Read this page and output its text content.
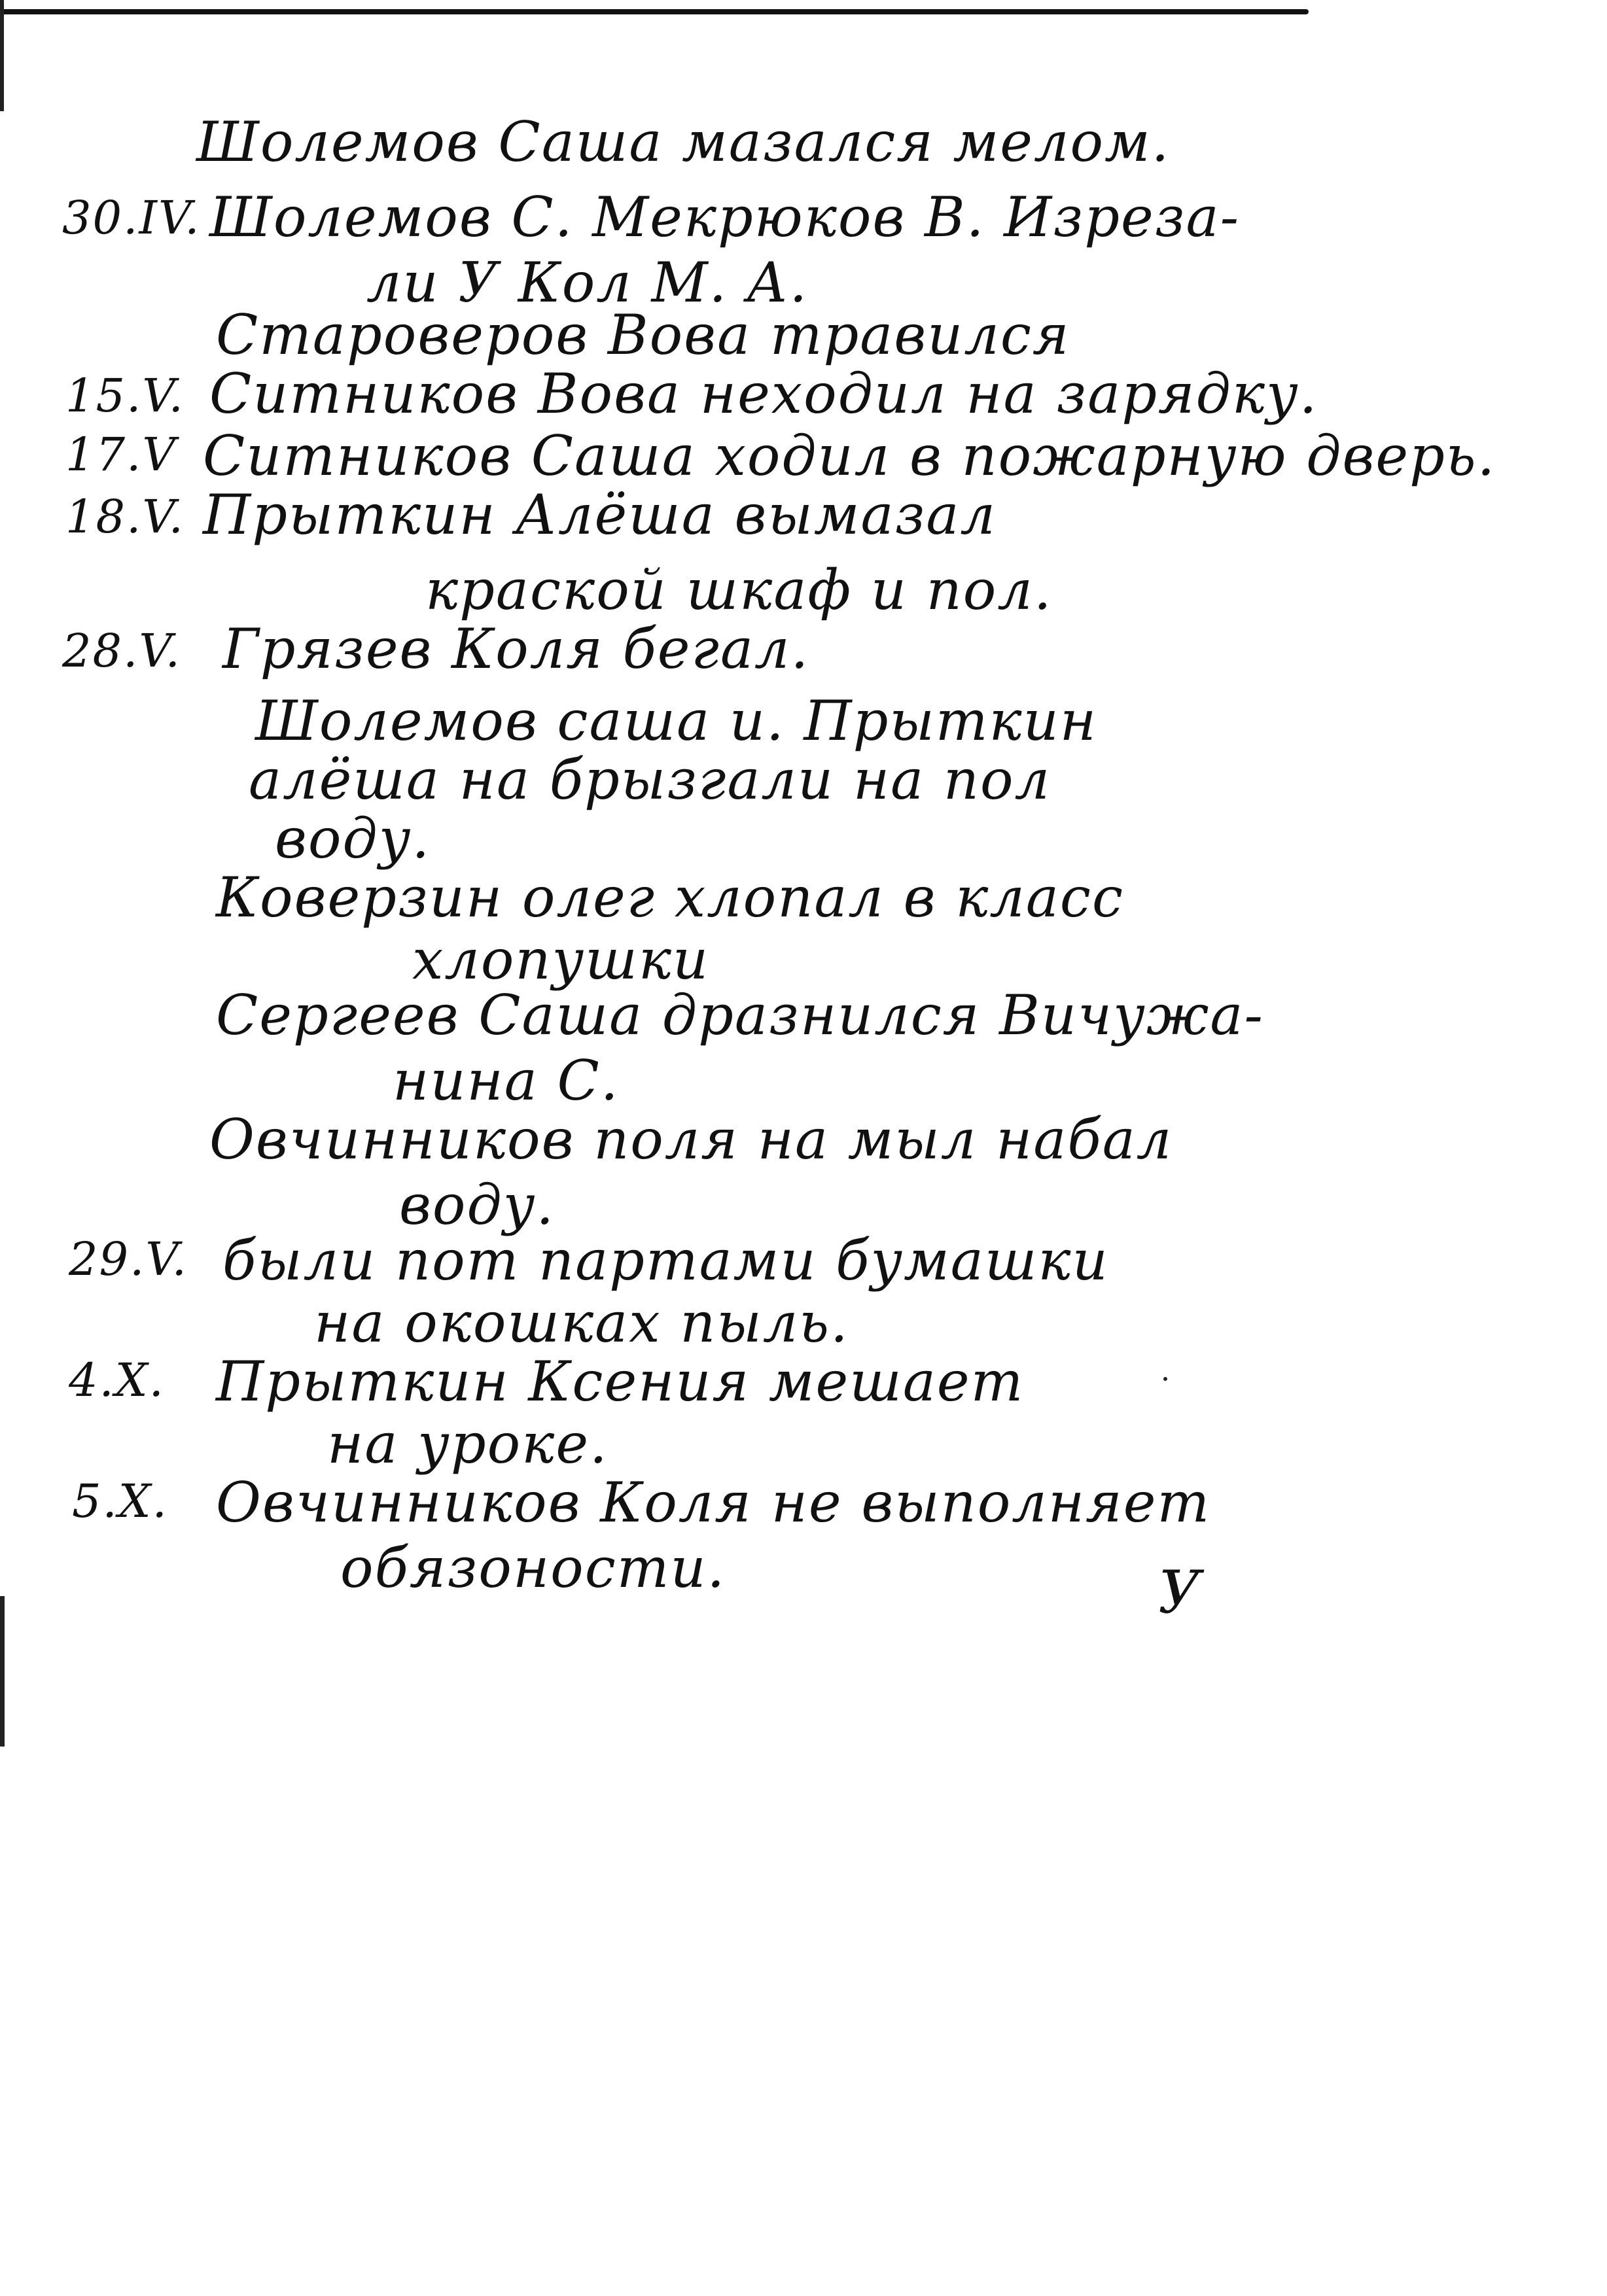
Шолемов Саша мазался мелом.
30.IV. Шолемов С. Мекрюков В. Изреза-
ли У Кол М. А.
Староверов Вова травился
15.V. Ситников Вова неходил на зарядку.
17.V Ситников Саша ходил в пожарную дверь.
18.V. Прыткин Алёша вымазал
краской шкаф и пол.
28.V. Грязев Коля бегал.
Шолемов саша и. Прыткин
алёша на брызгали на пол
воду.
Коверзин олег хлопал в класс
хлопушки
Сергеев Саша дразнился Вичужа-
нина С.
Овчинников поля на мыл набал
воду.
29.V. были пот партами бумашки
на окошках пыль.
4.X. Прыткин Ксения мешает
на уроке.
5.X. Овчинников Коля не выполняет
обязоности.	У
